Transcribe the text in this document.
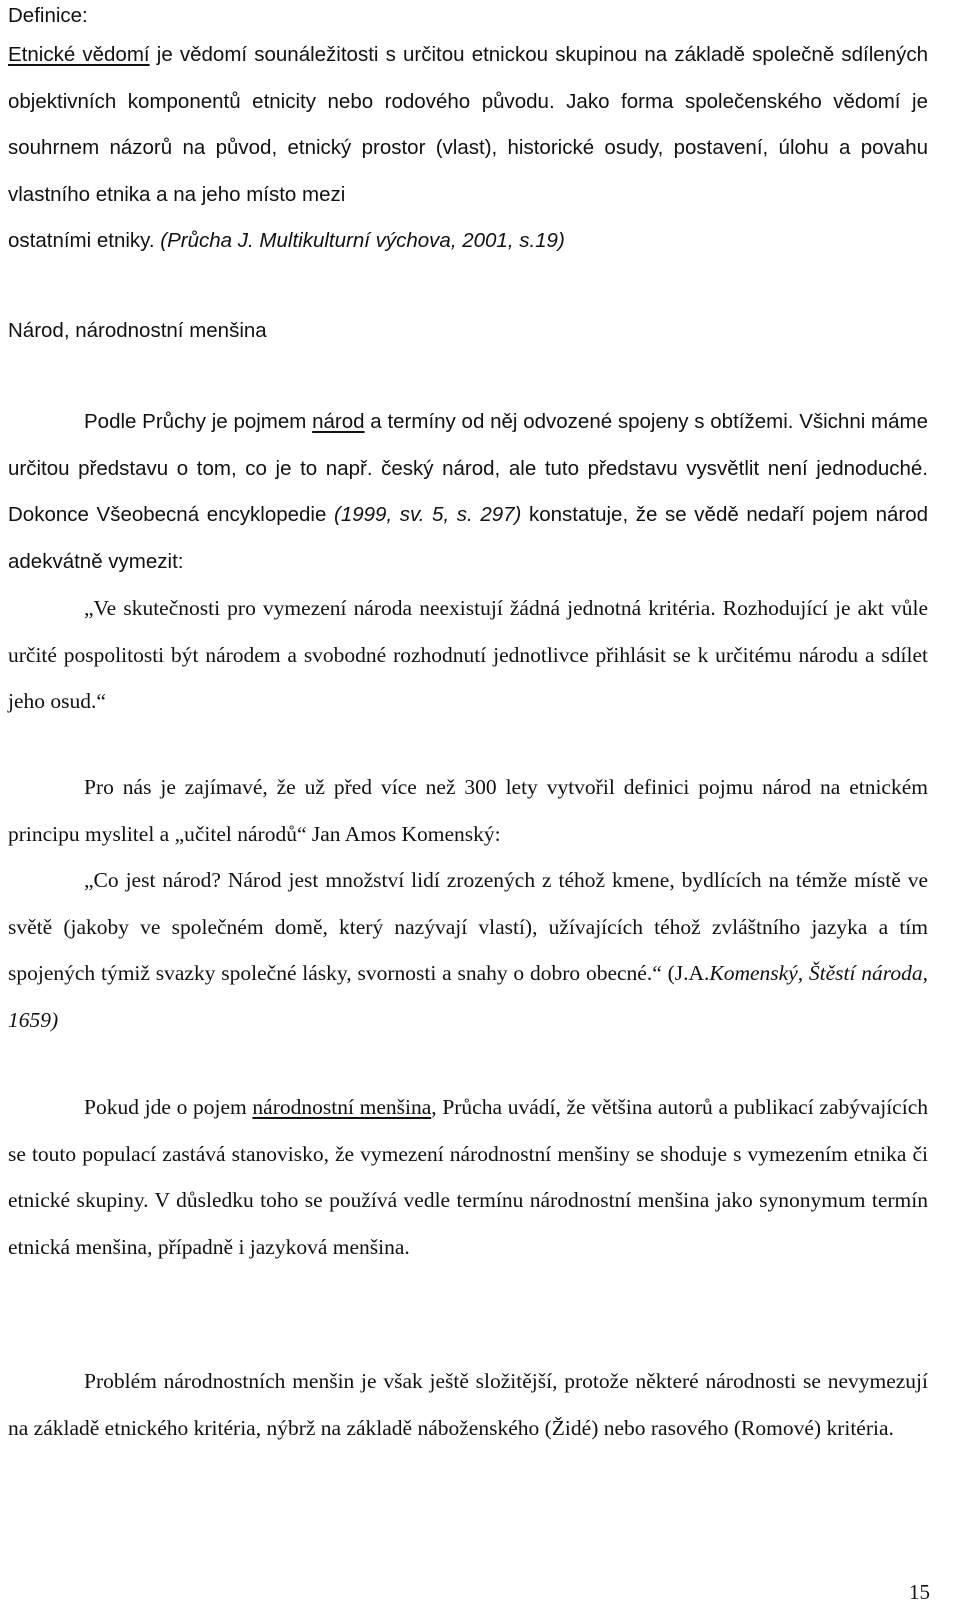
Definice:

Etnické vědomí je vědomí sounáležitosti s určitou etnickou skupinou na základě společně sdílených objektivních komponentů etnicity nebo rodového původu. Jako forma společenského vědomí je souhrnem názorů na původ, etnický prostor (vlast), historické osudy, postavení, úlohu a povahu vlastního etnika a na jeho místo mezi

ostatními etniky. (Průcha J. Multikulturní výchova, 2001, s.19)

Národ, národnostní menšina

Podle Průchy je pojmem národ a termíny od něj odvozené spojeny s obtížemi. Všichni máme určitou představu o tom, co je to např. český národ, ale tuto představu vysvětlit není jednoduché. Dokonce Všeobecná encyklopedie (1999, sv. 5, s. 297) konstatuje, že se vědě nedaří pojem národ adekvátně vymezit:

„Ve skutečnosti pro vymezení národa neexistují žádná jednotná kritéria. Rozhodující je akt vůle určité pospolitosti být národem a svobodné rozhodnutí jednotlivce přihlásit se k určitému národu a sdílet jeho osud.“

Pro nás je zajímavé, že už před více než 300 lety vytvořil definici pojmu národ na etnickém principu myslitel a „učitel národů“ Jan Amos Komenský:

„Co jest národ? Národ jest množství lidí zrozených z téhož kmene, bydlících na témže místě ve světě (jakoby ve společném domě, který nazývají vlastí), užívajících téhož zvláštního jazyka a tím spojených týmiž svazky společné lásky, svornosti a snahy o dobro obecné.“ (J.A.Komenský, Štěstí národa, 1659)

Pokud jde o pojem národnostní menšina, Průcha uvádí, že většina autorů a publikací zabývajících se touto populací zastává stanovisko, že vymezení národnostní menšiny se shoduje s vymezením etnika či etnické skupiny. V důsledku toho se používá vedle termínu národnostní menšina jako synonymum termín etnická menšina, případně i jazyková menšina.

Problém národnostních menšin je však ještě složitější, protože některé národnosti se nevymezují na základě etnického kritéria, nýbrž na základě náboženského (Židé) nebo rasového (Romové) kritéria.

15
